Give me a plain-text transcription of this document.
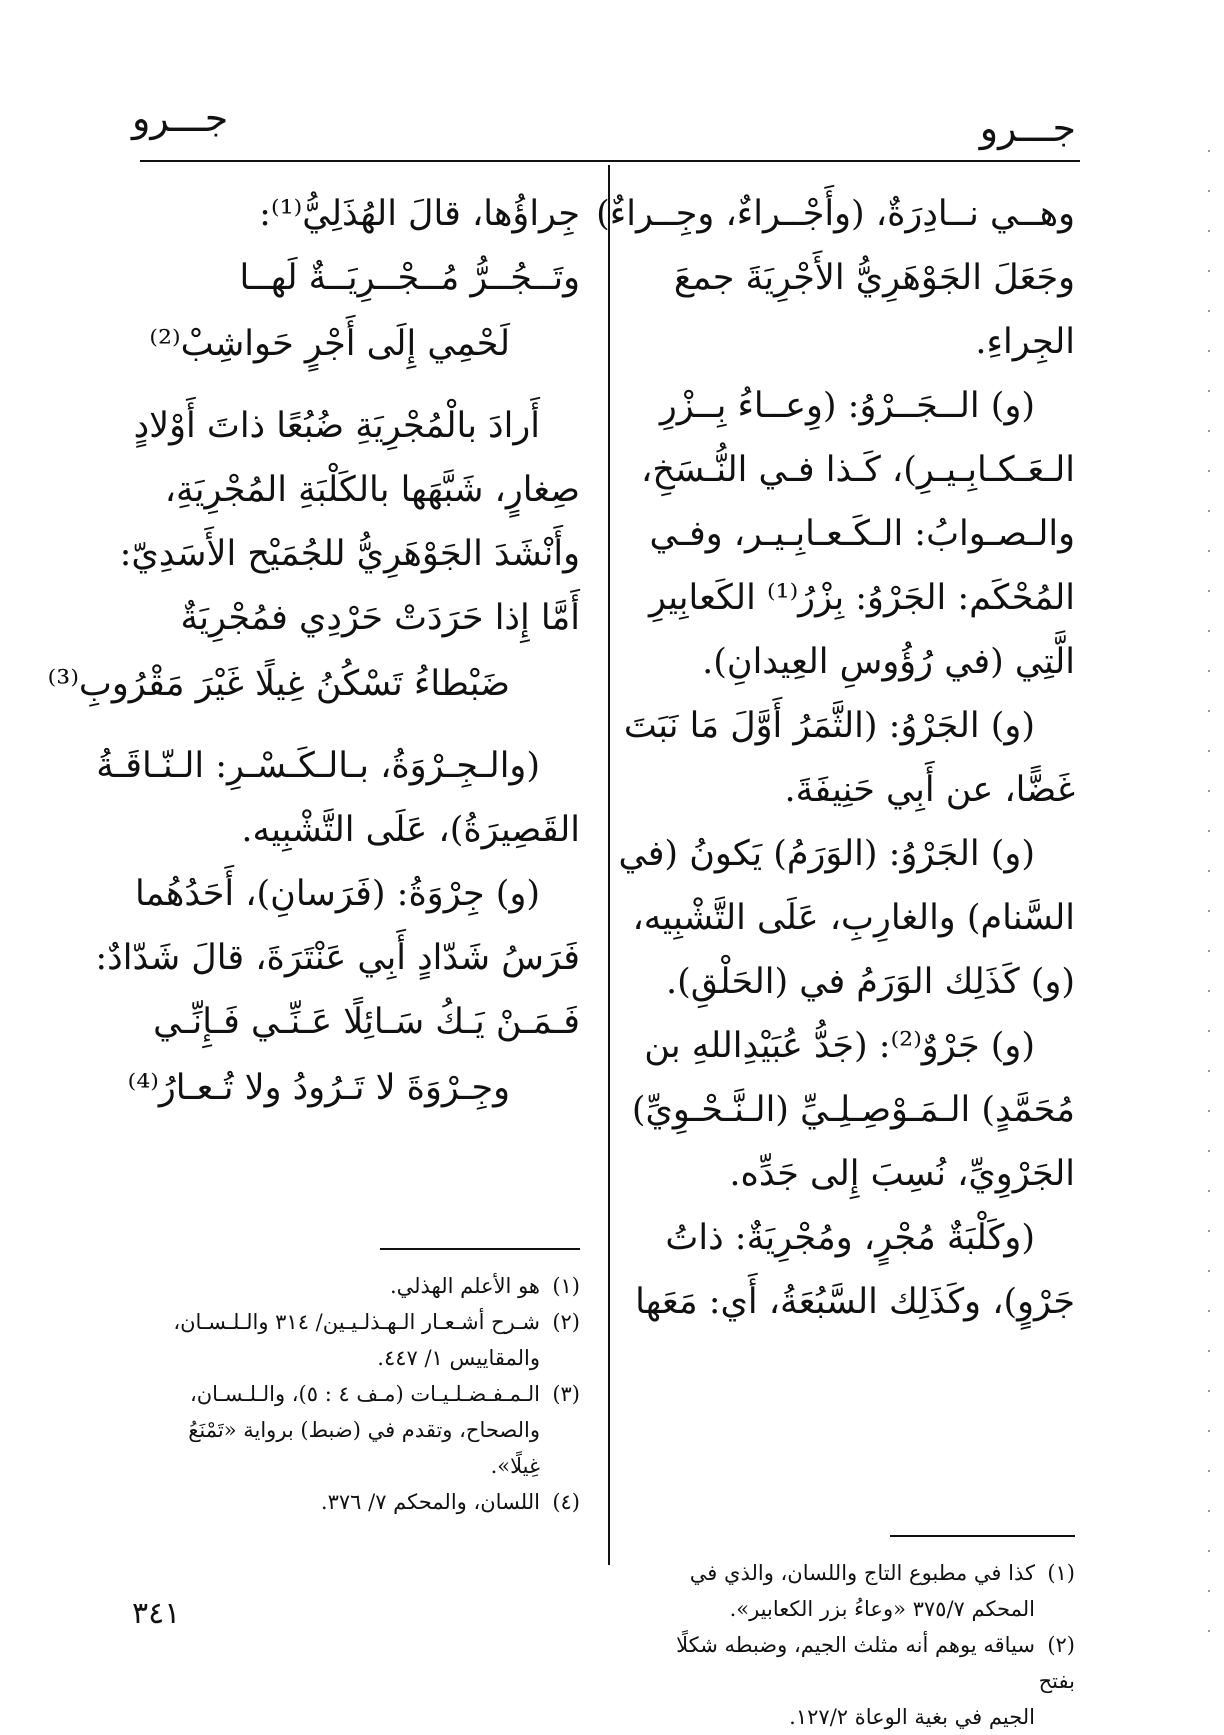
جـــرو
جـــرو
وهــي نــادِرَةٌ، (وأَجْــراءٌ، وجِــراءٌ)
وجَعَلَ الجَوْهَرِيُّ الأَجْرِيَةَ جمعَ
الجِراءِ.
(و) الــجَــرْوُ: (وِعــاءُ بِــزْرِ
الـعَـكـابِـيـرِ)، كَـذا فـي النُّـسَخِ،
والـصـوابُ: الـكَـعـابِـيـر، وفـي
المُحْكَم: الجَرْوُ: بِزْرُ⁽¹⁾ الكَعابِيرِ
الَّتِي (في رُؤُوسِ العِيدانِ).
(و) الجَرْوُ: (الثَّمَرُ أَوَّلَ مَا نَبَتَ
غَضًّا، عن أَبِي حَنِيفَةَ.
(و) الجَرْوُ: (الوَرَمُ) يَكونُ (في
السَّنام) والغارِبِ، عَلَى التَّشْبِيه،
(و) كَذَلِك الوَرَمُ في (الحَلْقِ).
(و) جَرْوٌ⁽²⁾: (جَدُّ عُبَيْدِاللهِ بن
مُحَمَّدٍ) الـمَـوْصِـلِـيِّ (الـنَّـحْـوِيِّ)
الجَرْوِيِّ، نُسِبَ إِلى جَدِّه.
(وكَلْبَةٌ مُجْرٍ، ومُجْرِيَةٌ: ذاتُ
جَرْوٍ)، وكَذَلِك السَّبُعَةُ، أَي: مَعَها
(١)كذا في مطبوع التاج واللسان، والذي في
المحكم ٣٧٥/٧ «وعاءُ بزر الكعابير».
(٢)سياقه يوهم أنه مثلث الجيم، وضبطه شكلًا بفتح
الجيم في بغية الوعاة ١٢٧/٢.
جِراؤُها، قالَ الهُذَلِيُّ⁽¹⁾:
وتَــجُــرُّ مُــجْــرِيَــةٌ لَهــا
لَحْمِي إِلَى أَجْرٍ حَواشِبْ⁽²⁾
أَرادَ بالْمُجْرِيَةِ ضُبُعًا ذاتَ أَوْلادٍ
صِغارٍ، شَبَّهَها بالكَلْبَةِ المُجْرِيَةِ،
وأَنْشَدَ الجَوْهَرِيُّ للجُمَيْح الأَسَدِيّ:
أَمَّا إِذا حَرَدَتْ حَرْدِي فمُجْرِيَةٌ
ضَبْطاءُ تَسْكُنُ غِيلًا غَيْرَ مَقْرُوبِ⁽³⁾
(والـجِـرْوَةُ، بـالـكَـسْـرِ: الـنّـاقَـةُ
القَصِيرَةُ)، عَلَى التَّشْبِيه.
(و) جِرْوَةُ: (فَرَسانِ)، أَحَدُهُما
فَرَسُ شَدّادٍ أَبِي عَنْتَرَةَ، قالَ شَدّادٌ:
فَـمَـنْ يَـكُ سَـائِلًا عَـنِّـي فَـإِنِّـي
وجِـرْوَةَ لا تَـرُودُ ولا تُـعـارُ⁽⁴⁾
(١)هو الأعلم الهذلي.
(٢)شـرح أشـعـار الـهـذلـيـين/ ٣١٤ والـلـسـان،
والمقاييس ١/ ٤٤٧.
(٣)الـمـفـضـلـيـات (مـف ٤ : ٥)، والـلـسـان،
والصحاح، وتقدم في (ضبط) برواية «تَمْنَعُ غِيلًا».
(٤)اللسان، والمحكم ٧/ ٣٧٦.
٣٤١
